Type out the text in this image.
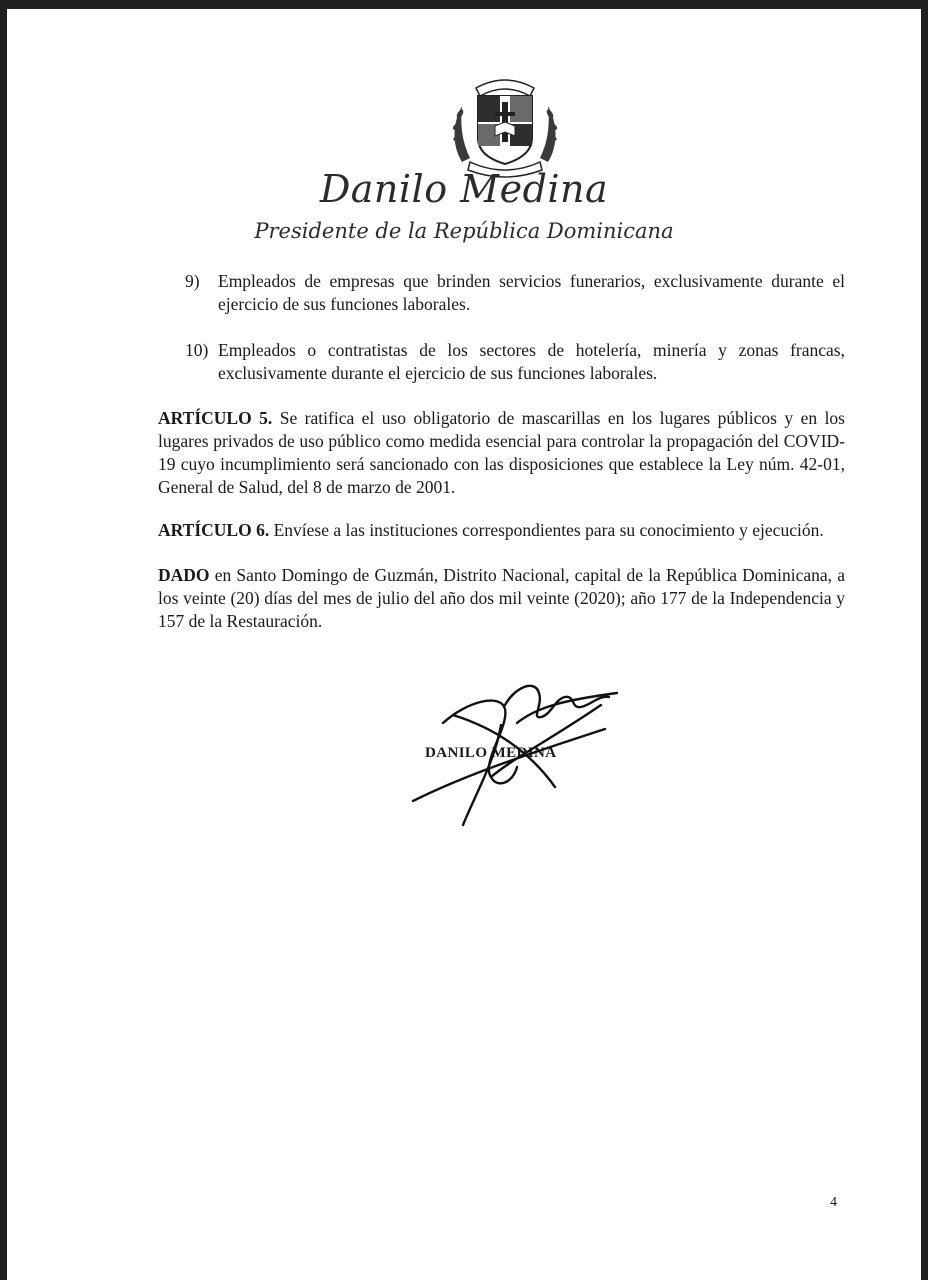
Danilo Medina

Presidente de la República Dominicana

9) Empleados de empresas que brinden servicios funerarios, exclusivamente durante el ejercicio de sus funciones laborales.

10) Empleados o contratistas de los sectores de hotelería, minería y zonas francas, exclusivamente durante el ejercicio de sus funciones laborales.

ARTÍCULO 5. Se ratifica el uso obligatorio de mascarillas en los lugares públicos y en los lugares privados de uso público como medida esencial para controlar la propagación del COVID-19 cuyo incumplimiento será sancionado con las disposiciones que establece la Ley núm. 42-01, General de Salud, del 8 de marzo de 2001.

ARTÍCULO 6. Envíese a las instituciones correspondientes para su conocimiento y ejecución.

DADO en Santo Domingo de Guzmán, Distrito Nacional, capital de la República Dominicana, a los veinte (20) días del mes de julio del año dos mil veinte (2020); año 177 de la Independencia y 157 de la Restauración.

DANILO MEDINA

4
